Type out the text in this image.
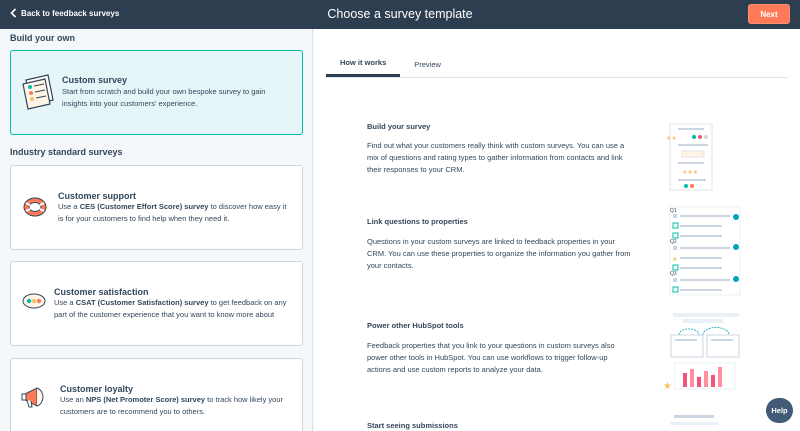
Back to feedback surveys	Choose a survey template	Next
Build your own
Custom survey
Start from scratch and build your own bespoke survey to gain insights into your customers' experience.
Industry standard surveys
Customer support
Use a CES (Customer Effort Score) survey to discover how easy it is for your customers to find help when they need it.
Customer satisfaction
Use a CSAT (Customer Satisfaction) survey to get feedback on any part of the customer experience that you want to know more about
Customer loyalty
Use an NPS (Net Promoter Score) survey to track how likely your customers are to recommend you to others.
How it works	Preview
Build your survey
Find out what your customers really think with custom surveys. You can use a mix of questions and rating types to gather information from contacts and link their responses to your CRM.
Link questions to properties
Questions in your custom surveys are linked to feedback properties in your CRM. You can use these properties to organize the information you gather from your contacts.
Power other HubSpot tools
Feedback properties that you link to your questions in custom surveys also power other tools in HubSpot. You can use workflows to trigger follow-up actions and use custom reports to analyze your data.
Start seeing submissions
★★
★★★
★
Q1
Q2
Q3
★
Help
